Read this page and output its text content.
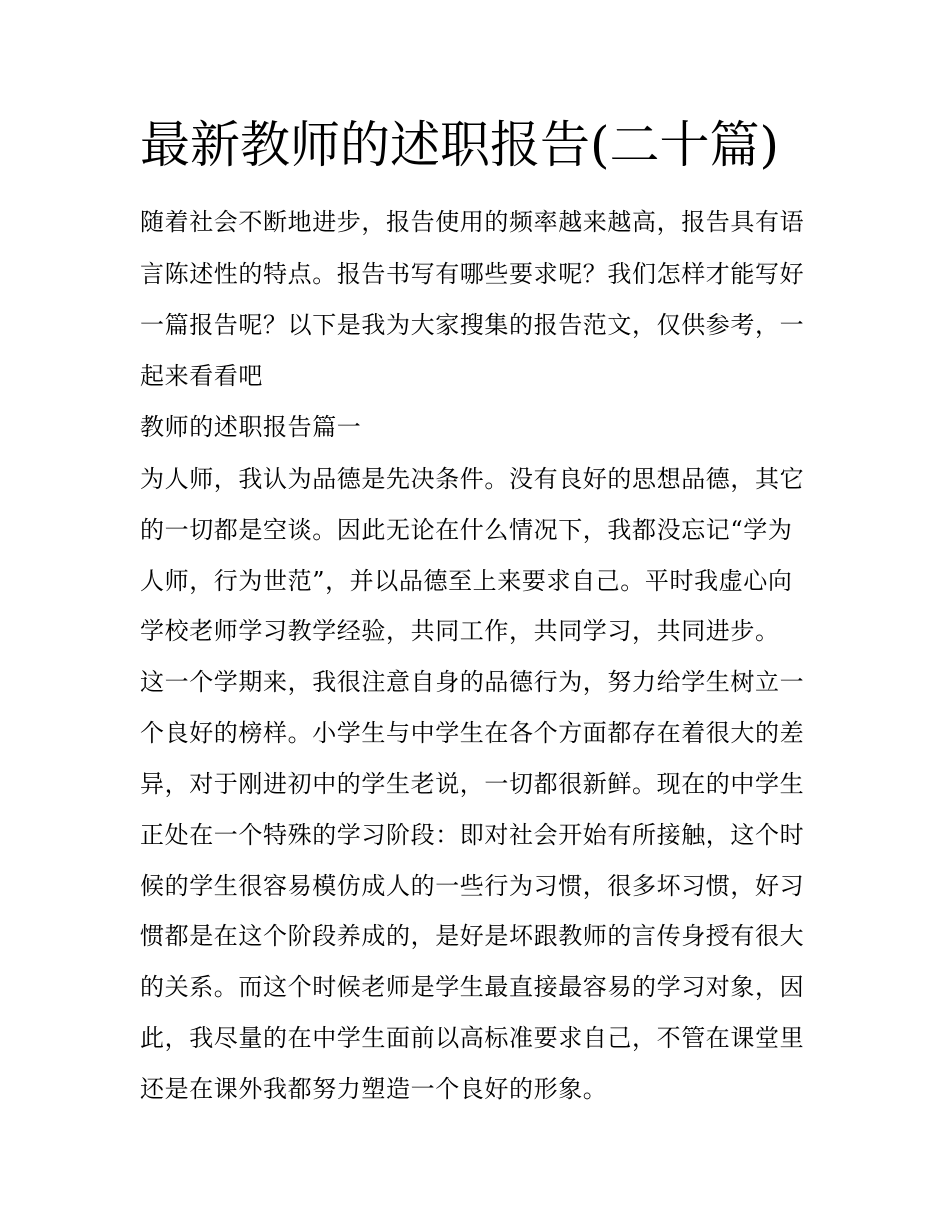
最新教师的述职报告(二十篇)

随着社会不断地进步，报告使用的频率越来越高，报告具有语

言陈述性的特点。报告书写有哪些要求呢？我们怎样才能写好

一篇报告呢？以下是我为大家搜集的报告范文，仅供参考，一

起来看看吧

教师的述职报告篇一

为人师，我认为品德是先决条件。没有良好的思想品德，其它

的一切都是空谈。因此无论在什么情况下，我都没忘记“学为

人师，行为世范”，并以品德至上来要求自己。平时我虚心向

学校老师学习教学经验，共同工作，共同学习，共同进步。

这一个学期来，我很注意自身的品德行为，努力给学生树立一

个良好的榜样。小学生与中学生在各个方面都存在着很大的差

异，对于刚进初中的学生老说，一切都很新鲜。现在的中学生

正处在一个特殊的学习阶段：即对社会开始有所接触，这个时

候的学生很容易模仿成人的一些行为习惯，很多坏习惯，好习

惯都是在这个阶段养成的，是好是坏跟教师的言传身授有很大

的关系。而这个时候老师是学生最直接最容易的学习对象，因

此，我尽量的在中学生面前以高标准要求自己，不管在课堂里

还是在课外我都努力塑造一个良好的形象。
